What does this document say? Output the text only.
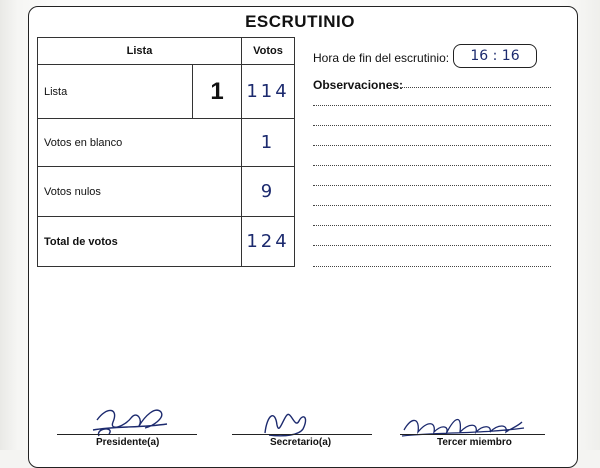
ESCRUTINIO
Lista		Votos
Lista	1	114
Votos en blanco		1
Votos nulos		9
Total de votos		124
Hora de fin del escrutinio:	16 : 16
Observaciones:
Presidente(a)	Secretario(a)	Tercer miembro
